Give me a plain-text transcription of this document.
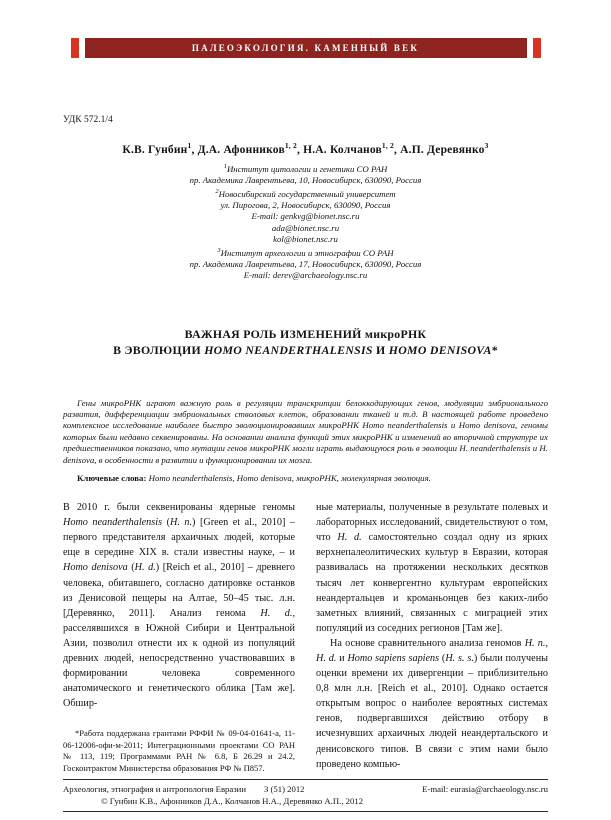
ПАЛЕОЭКОЛОГИЯ. КАМЕННЫЙ ВЕК
УДК 572.1/4
К.В. Гунбин$^1$, Д.А. Афонников$^{1, 2}$, Н.А. Колчанов$^{1, 2}$, А.П. Деревянко$^3$
$^1$Институт цитологии и генетики СО РАН
пр. Академика Лаврентьева, 10, Новосибирск, 630090, Россия
$^2$Новосибирский государственный университет
ул. Пирогова, 2, Новосибирск, 630090, Россия
E-mail: genkvg@bionet.nsc.ru
ada@bionet.nsc.ru
kol@bionet.nsc.ru
$^3$Институт археологии и этнографии СО РАН
пр. Академика Лаврентьева, 17, Новосибирск, 630090, Россия
E-mail: derev@archaeology.nsc.ru
ВАЖНАЯ РОЛЬ ИЗМЕНЕНИЙ микроРНК
В ЭВОЛЮЦИИ HOMO NEANDERTHALENSIS И HOMO DENISOVA*

Гены микроРНК играют важную роль в регуляции транскрипции белоккодирующих генов, модуляции эмбрионального развития, дифференциации эмбриональных стволовых клеток, образовании тканей и т.д. В настоящей работе проведено комплексное исследование наиболее быстро эволюционировавших микроРНК Homo neanderthalensis и Homo denisova, геномы которых были недавно секвенированы. На основании анализа функций этих микроРНК и изменений во вторичной структуре их предшественников показано, что мутации генов микроРНК могли играть выдающуюся роль в эволюции H. neanderthalensis и H. denisova, в особенности в развитии и функционировании их мозга.

Ключевые слова: Homo neanderthalensis, Homo denisova, микроРНК, молекулярная эволюция.

В 2010 г. были секвенированы ядерные геномы Homo neanderthalensis (H. n.) [Green et al., 2010] – первого представителя архаичных людей, которые еще в середине XIX в. стали известны науке, – и Homo denisova (H. d.) [Reich et al., 2010] – древнего человека, обитавшего, согласно датировке останков из Денисовой пещеры на Алтае, 50–45 тыс. л.н. [Деревянко, 2011]. Анализ генома H. d., расселявшихся в Южной Сибири и Центральной Азии, позволил отнести их к одной из популяций древних людей, непосредственно участвовавших в формировании человека современного анатомического и генетического облика [Там же]. Обшир-

*Работа поддержана грантами РФФИ № 09-04-01641-а, 11-06-12006-офи-м-2011; Интеграционными проектами СО РАН № 113, 119; Программами РАН № 6.8, Б 26.29 и 24.2, Госконтрактом Министерства образования РФ № П857.

ные материалы, полученные в результате полевых и лабораторных исследований, свидетельствуют о том, что H. d. самостоятельно создал одну из ярких верхнепалеолитических культур в Евразии, которая развивалась на протяжении нескольких десятков тысяч лет конвергентно культурам европейских неандертальцев и кроманьонцев без каких-либо заметных влияний, связанных с миграцией этих популяций из соседних регионов [Там же].

На основе сравнительного анализа геномов H. n., H. d. и Homo sapiens sapiens (H. s. s.) были получены оценки времени их дивергенции – приблизительно 0,8 млн л.н. [Reich et al., 2010]. Однако остается открытым вопрос о наиболее вероятных системах генов, подвергавшихся действию отбору в исчезнувших архаичных людей неандертальского и денисовского типов. В связи с этим нами было проведено компью-

Археология, этнография и антропология Евразии 3 (51) 2012	E-mail: eurasia@archaeology.nsc.ru
© Гунбин К.В., Афонников Д.А., Колчанов Н.А., Деревянко А.П., 2012
